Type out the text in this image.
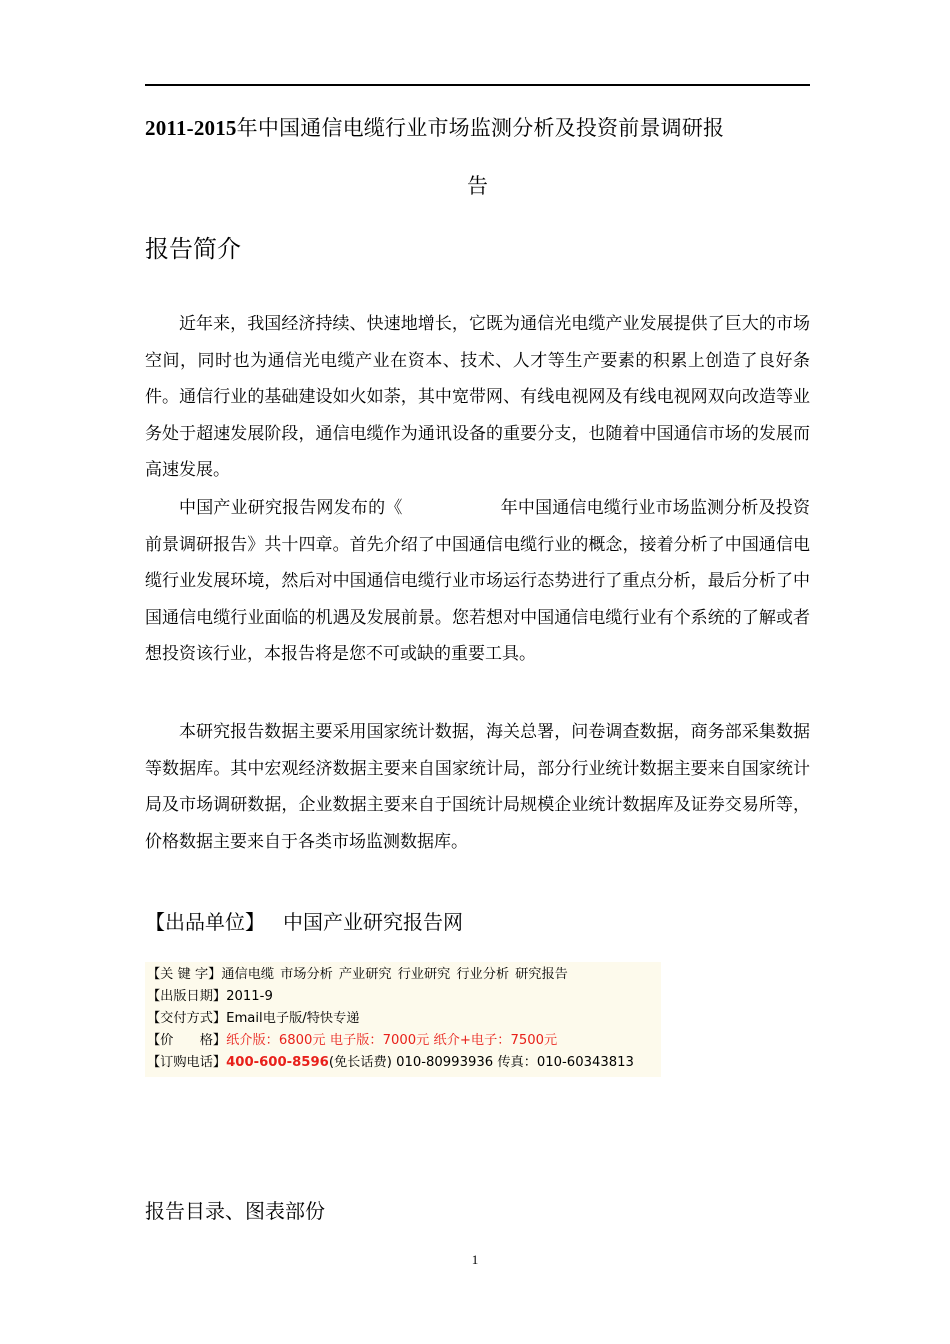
2011-2015年中国通信电缆行业市场监测分析及投资前景调研报
告
报告简介
近年来，我国经济持续、快速地增长，它既为通信光电缆产业发展提供了巨大的市场空间，同时也为通信光电缆产业在资本、技术、人才等生产要素的积累上创造了良好条件。通信行业的基础建设如火如荼，其中宽带网、有线电视网及有线电视网双向改造等业务处于超速发展阶段，通信电缆作为通讯设备的重要分支，也随着中国通信市场的发展而高速发展。
中国产业研究报告网发布的《	年中国通信电缆行业市场监测分析及投资前景调研报告》共十四章。首先介绍了中国通信电缆行业的概念，接着分析了中国通信电缆行业发展环境，然后对中国通信电缆行业市场运行态势进行了重点分析，最后分析了中国通信电缆行业面临的机遇及发展前景。您若想对中国通信电缆行业有个系统的了解或者想投资该行业，本报告将是您不可或缺的重要工具。
本研究报告数据主要采用国家统计数据，海关总署，问卷调查数据，商务部采集数据等数据库。其中宏观经济数据主要来自国家统计局，部分行业统计数据主要来自国家统计局及市场调研数据，企业数据主要来自于国统计局规模企业统计数据库及证券交易所等，价格数据主要来自于各类市场监测数据库。
【出品单位】 中国产业研究报告网
【关 键 字】通信电缆 市场分析 产业研究 行业研究 行业分析 研究报告
【出版日期】2011-9
【交付方式】Email电子版/特快专递
【价　　格】纸介版：6800元 电子版：7000元 纸介+电子：7500元
【订购电话】400-600-8596(免长话费) 010-80993936 传真：010-60343813
报告目录、图表部份
1
